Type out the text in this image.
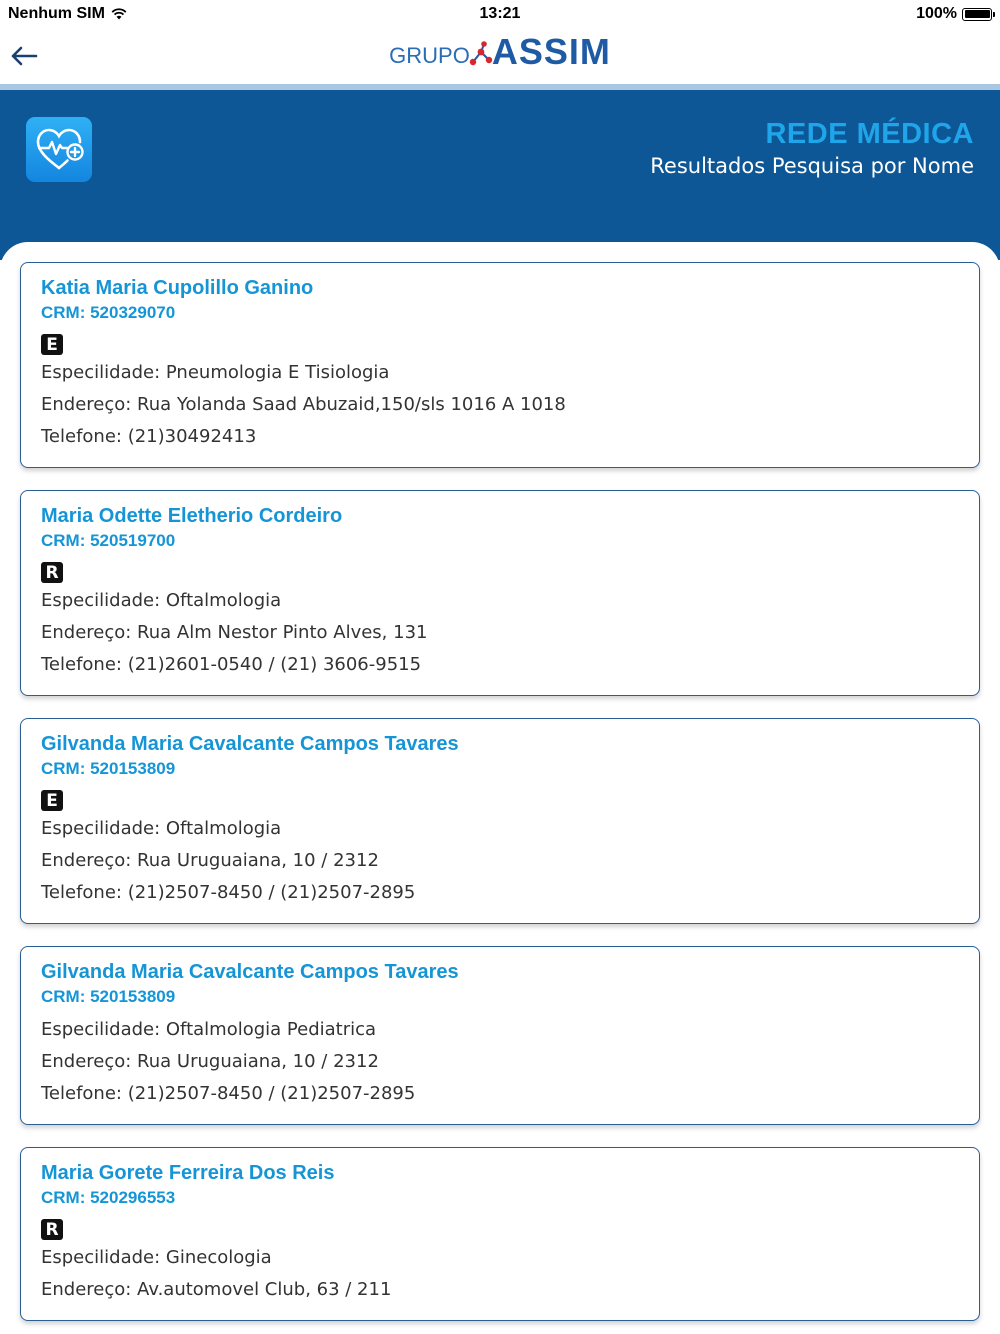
Nenhum SIM	13:21	100%
GRUPO ASSIM
REDE MÉDICA
Resultados Pesquisa por Nome
Katia Maria Cupolillo Ganino
CRM: 520329070
E
Especilidade: Pneumologia E Tisiologia
Endereço: Rua Yolanda Saad Abuzaid,150/sls 1016 A 1018
Telefone: (21)30492413
Maria Odette Eletherio Cordeiro
CRM: 520519700
R
Especilidade: Oftalmologia
Endereço: Rua Alm Nestor Pinto Alves, 131
Telefone: (21)2601-0540 / (21) 3606-9515
Gilvanda Maria Cavalcante Campos Tavares
CRM: 520153809
E
Especilidade: Oftalmologia
Endereço: Rua Uruguaiana, 10 / 2312
Telefone: (21)2507-8450 / (21)2507-2895
Gilvanda Maria Cavalcante Campos Tavares
CRM: 520153809
Especilidade: Oftalmologia Pediatrica
Endereço: Rua Uruguaiana, 10 / 2312
Telefone: (21)2507-8450 / (21)2507-2895
Maria Gorete Ferreira Dos Reis
CRM: 520296553
R
Especilidade: Ginecologia
Endereço: Av.automovel Club, 63 / 211
